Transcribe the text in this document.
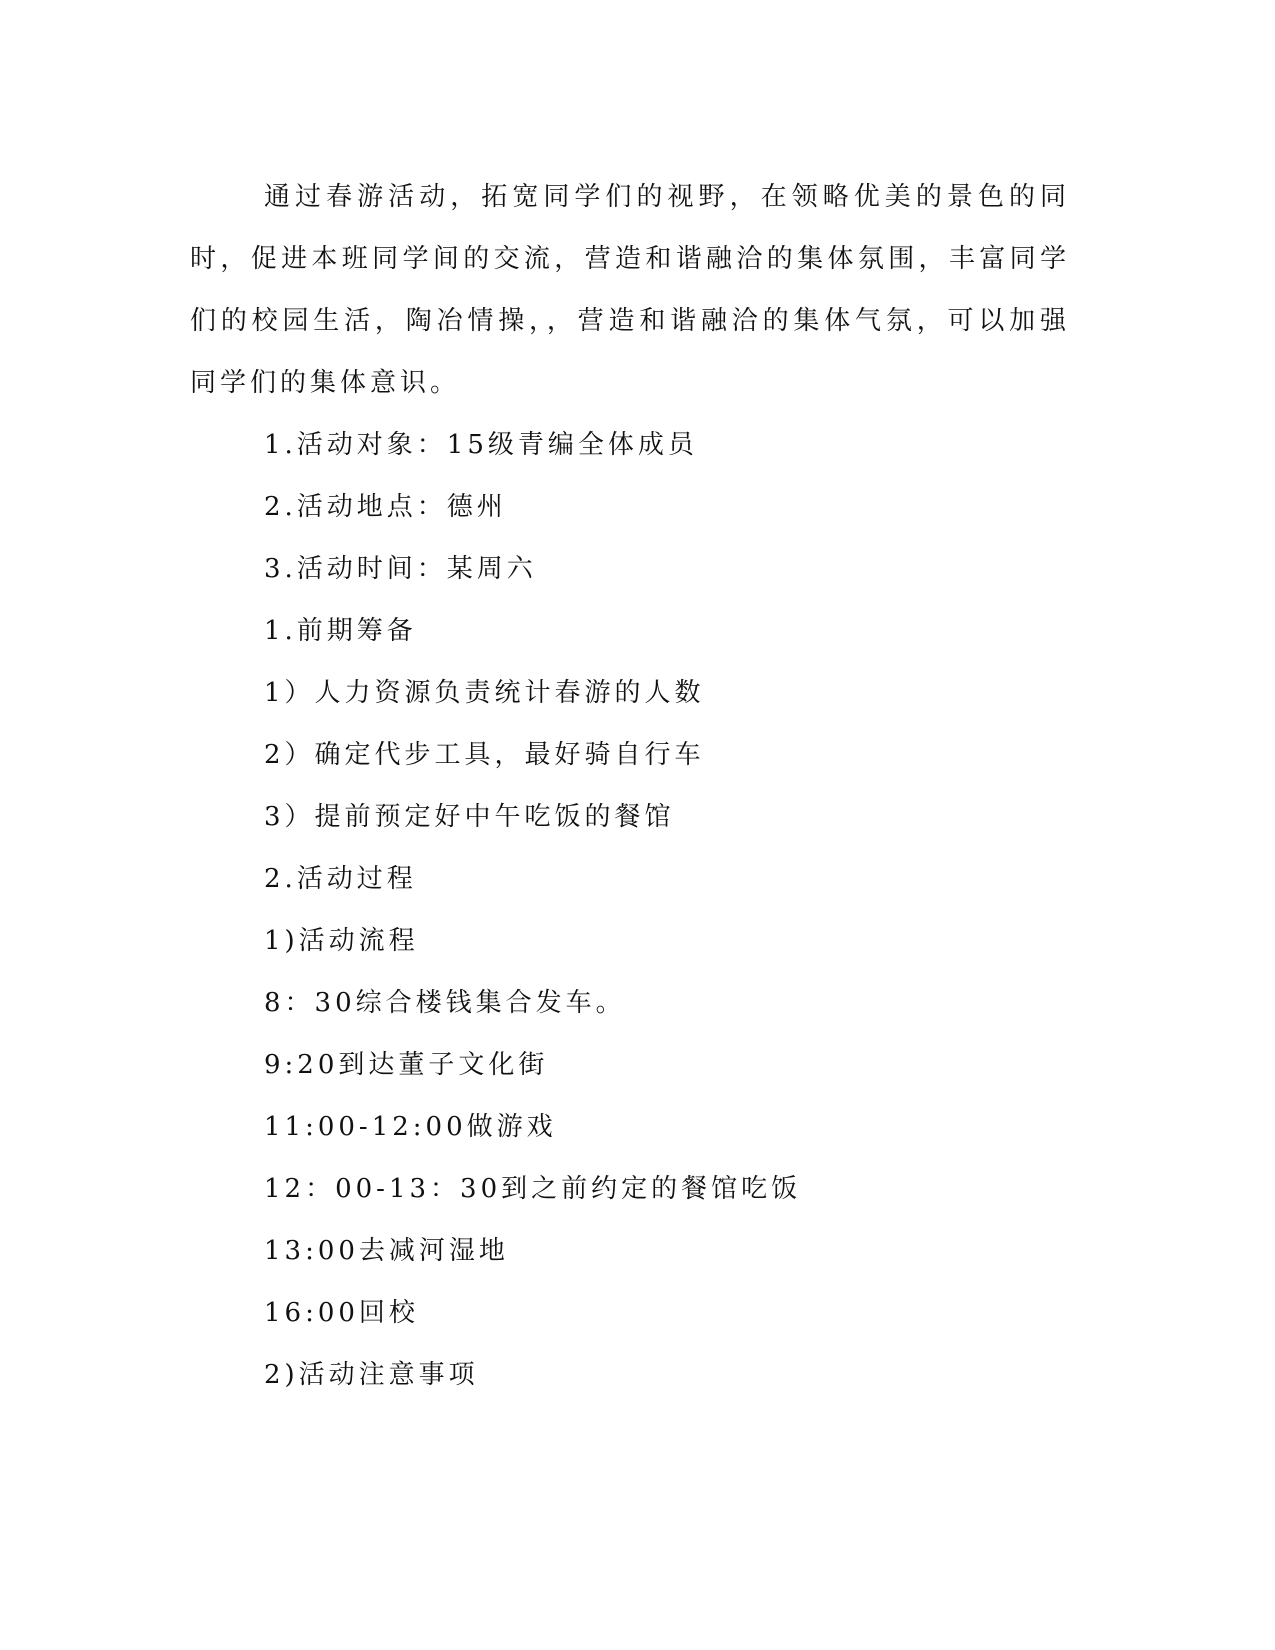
通过春游活动，拓宽同学们的视野，在领略优美的景色的同时，促进本班同学间的交流，营造和谐融洽的集体氛围，丰富同学们的校园生活，陶冶情操，，营造和谐融洽的集体气氛，可以加强同学们的集体意识。

1.活动对象：15级青编全体成员

2.活动地点：德州

3.活动时间：某周六

1.前期筹备

1）人力资源负责统计春游的人数

2）确定代步工具，最好骑自行车

3）提前预定好中午吃饭的餐馆

2.活动过程

1)活动流程

8：30综合楼钱集合发车。

9:20到达董子文化街

11:00-12:00做游戏

12：00-13：30到之前约定的餐馆吃饭

13:00去减河湿地

16:00回校

2)活动注意事项
